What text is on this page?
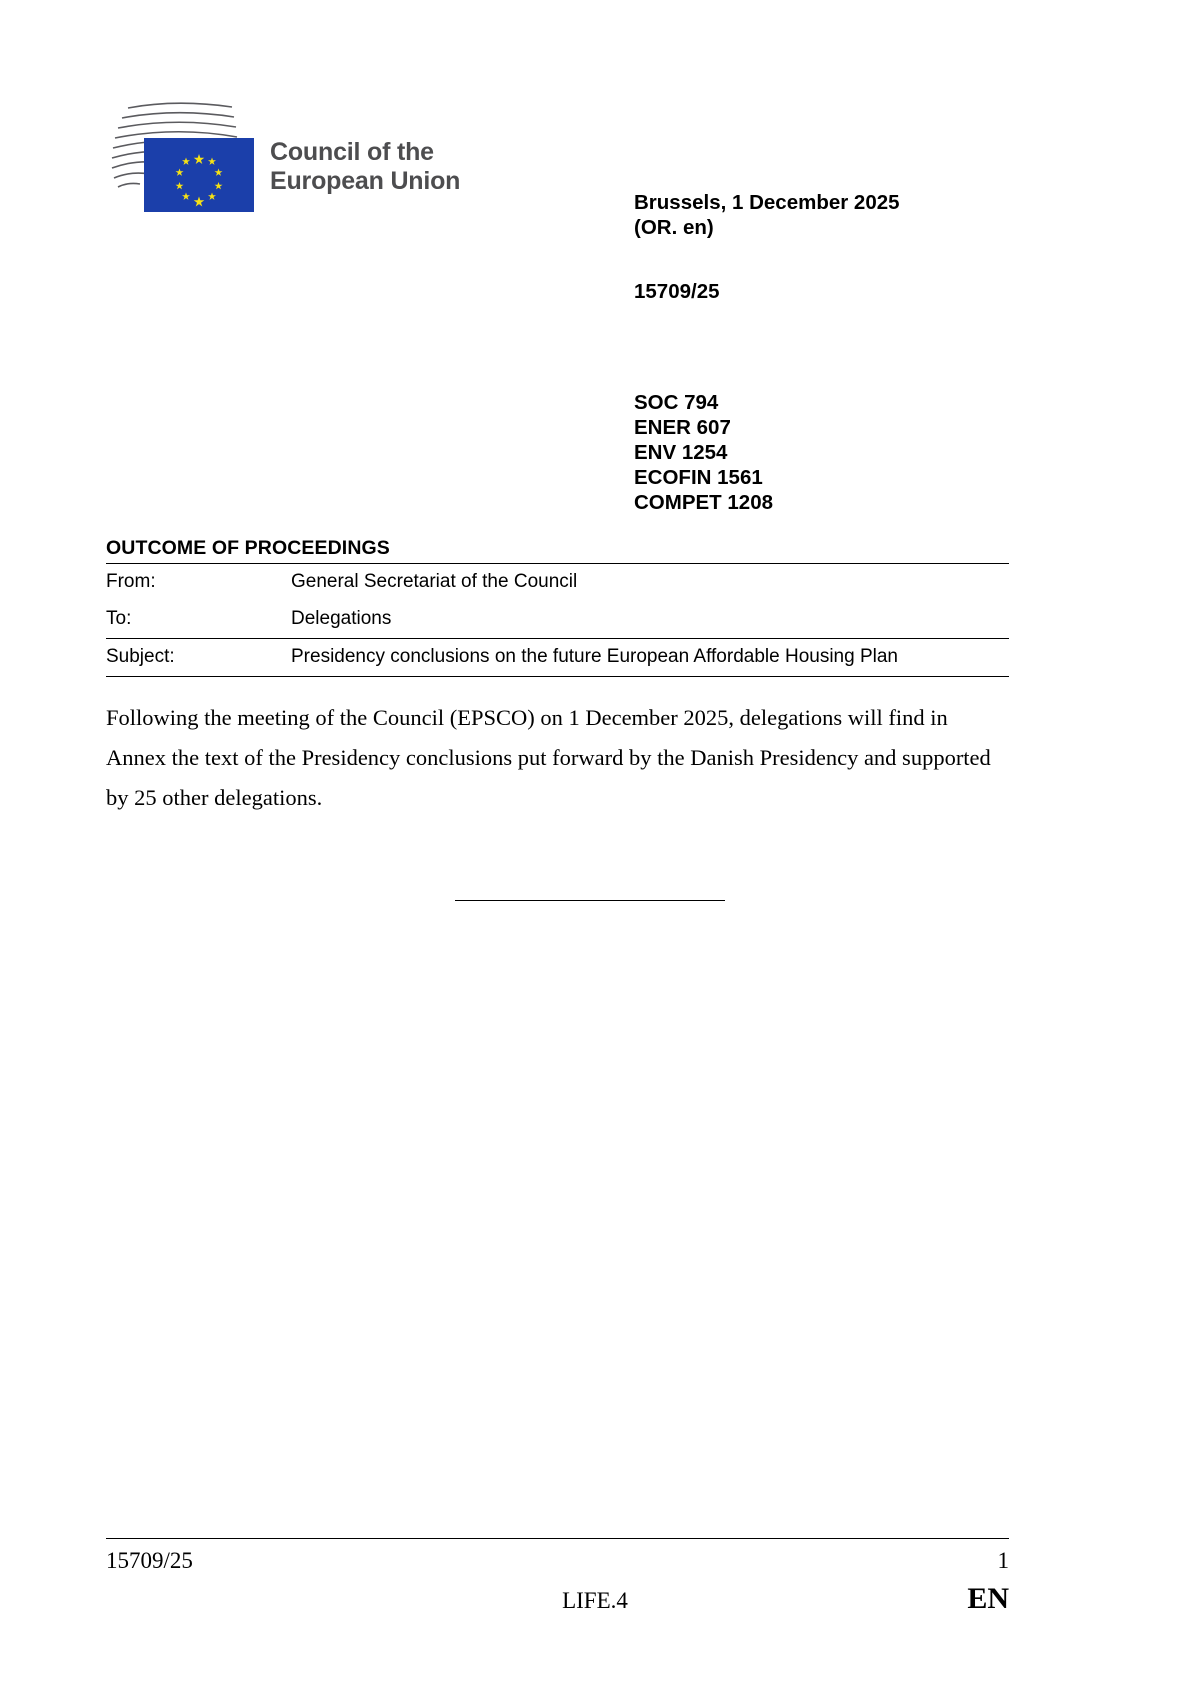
Council of the
European Union
Brussels, 1 December 2025
(OR. en)
15709/25
SOC 794
ENER 607
ENV 1254
ECOFIN 1561
COMPET 1208
OUTCOME OF PROCEEDINGS
From:	General Secretariat of the Council
To:	Delegations
Subject:	Presidency conclusions on the future European Affordable Housing Plan
Following the meeting of the Council (EPSCO) on 1 December 2025, delegations will find in Annex the text of the Presidency conclusions put forward by the Danish Presidency and supported by 25 other delegations.
15709/25	1
LIFE.4	EN
